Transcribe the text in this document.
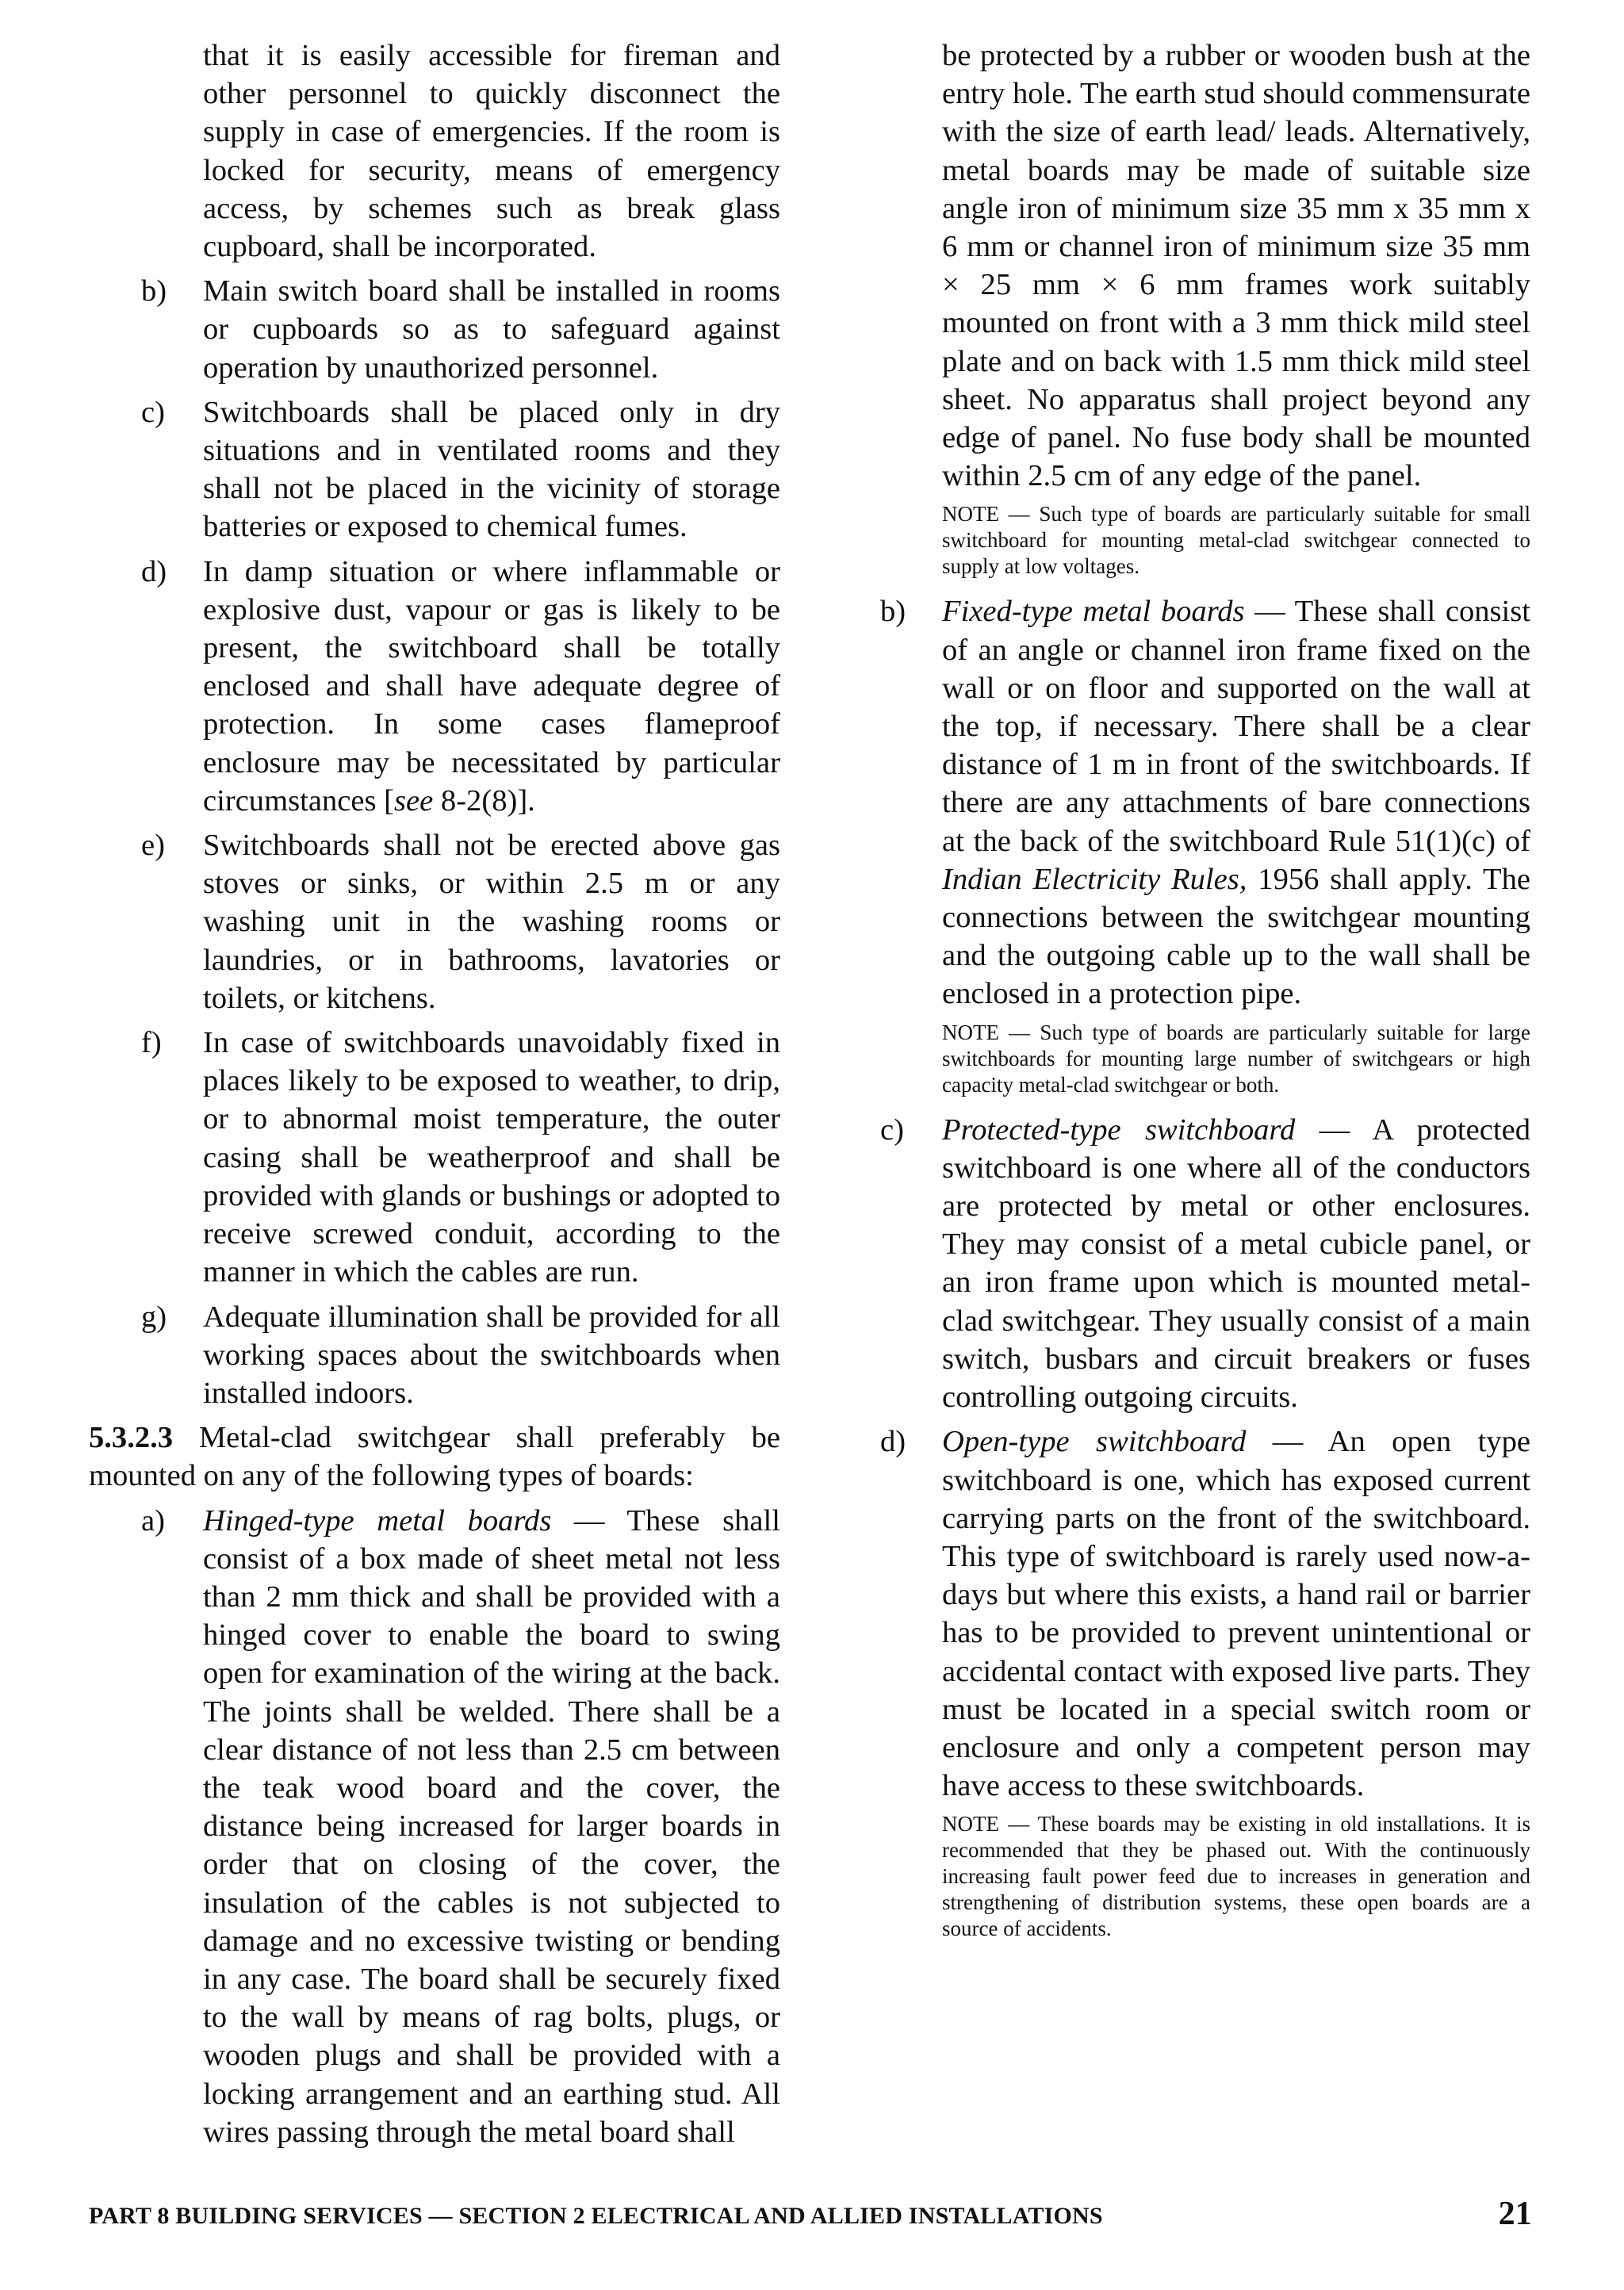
that it is easily accessible for fireman and other personnel to quickly disconnect the supply in case of emergencies. If the room is locked for security, means of emergency access, by schemes such as break glass cupboard, shall be incorporated.

b)	Main switch board shall be installed in rooms or cupboards so as to safeguard against operation by unauthorized personnel.
c)	Switchboards shall be placed only in dry situations and in ventilated rooms and they shall not be placed in the vicinity of storage batteries or exposed to chemical fumes.
d)	In damp situation or where inflammable or explosive dust, vapour or gas is likely to be present, the switchboard shall be totally enclosed and shall have adequate degree of protection. In some cases flameproof enclosure may be necessitated by particular circumstances [see 8-2(8)].
e)	Switchboards shall not be erected above gas stoves or sinks, or within 2.5 m or any washing unit in the washing rooms or laundries, or in bathrooms, lavatories or toilets, or kitchens.
f)	In case of switchboards unavoidably fixed in places likely to be exposed to weather, to drip, or to abnormal moist temperature, the outer casing shall be weatherproof and shall be provided with glands or bushings or adopted to receive screwed conduit, according to the manner in which the cables are run.
g)	Adequate illumination shall be provided for all working spaces about the switchboards when installed indoors.

5.3.2.3 Metal-clad switchgear shall preferably be mounted on any of the following types of boards:

a)	Hinged-type metal boards — These shall consist of a box made of sheet metal not less than 2 mm thick and shall be provided with a hinged cover to enable the board to swing open for examination of the wiring at the back. The joints shall be welded. There shall be a clear distance of not less than 2.5 cm between the teak wood board and the cover, the distance being increased for larger boards in order that on closing of the cover, the insulation of the cables is not subjected to damage and no excessive twisting or bending in any case. The board shall be securely fixed to the wall by means of rag bolts, plugs, or wooden plugs and shall be provided with a locking arrangement and an earthing stud. All wires passing through the metal board shall

be protected by a rubber or wooden bush at the entry hole. The earth stud should commensurate with the size of earth lead/ leads. Alternatively, metal boards may be made of suitable size angle iron of minimum size 35 mm x 35 mm x 6 mm or channel iron of minimum size 35 mm × 25 mm × 6 mm frames work suitably mounted on front with a 3 mm thick mild steel plate and on back with 1.5 mm thick mild steel sheet. No apparatus shall project beyond any edge of panel. No fuse body shall be mounted within 2.5 cm of any edge of the panel.

NOTE — Such type of boards are particularly suitable for small switchboard for mounting metal-clad switchgear connected to supply at low voltages.

b)	Fixed-type metal boards — These shall consist of an angle or channel iron frame fixed on the wall or on floor and supported on the wall at the top, if necessary. There shall be a clear distance of 1 m in front of the switchboards. If there are any attachments of bare connections at the back of the switchboard Rule 51(1)(c) of Indian Electricity Rules, 1956 shall apply. The connections between the switchgear mounting and the outgoing cable up to the wall shall be enclosed in a protection pipe.

NOTE — Such type of boards are particularly suitable for large switchboards for mounting large number of switchgears or high capacity metal-clad switchgear or both.

c)	Protected-type switchboard — A protected switchboard is one where all of the conductors are protected by metal or other enclosures. They may consist of a metal cubicle panel, or an iron frame upon which is mounted metal-clad switchgear. They usually consist of a main switch, busbars and circuit breakers or fuses controlling outgoing circuits.
d)	Open-type switchboard — An open type switchboard is one, which has exposed current carrying parts on the front of the switchboard. This type of switchboard is rarely used now-a-days but where this exists, a hand rail or barrier has to be provided to prevent unintentional or accidental contact with exposed live parts. They must be located in a special switch room or enclosure and only a competent person may have access to these switchboards.

NOTE — These boards may be existing in old installations. It is recommended that they be phased out. With the continuously increasing fault power feed due to increases in generation and strengthening of distribution systems, these open boards are a source of accidents.

PART 8 BUILDING SERVICES — SECTION 2 ELECTRICAL AND ALLIED INSTALLATIONS	21
